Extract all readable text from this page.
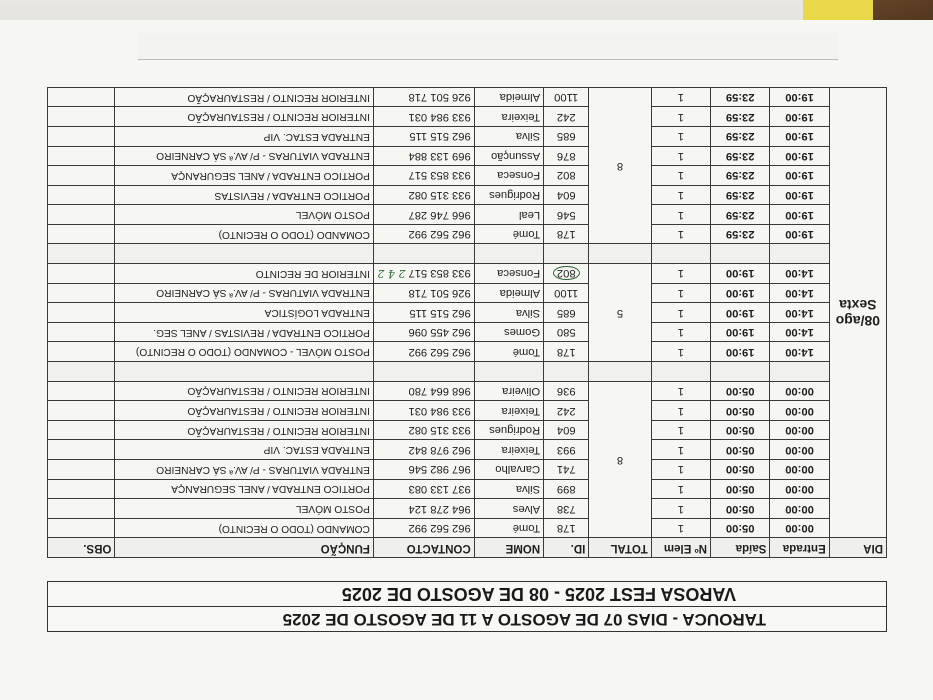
TAROUCA - DIAS 07 DE AGOSTO A 11 DE AGOSTO DE 2025
VAROSA FEST 2025 - 08 DE AGOSTO DE 2025
DIA	Entrada	Saída	Nº Elem	TOTAL	ID.	NOME	CONTACTO	FUNÇÃO	OBS.

08/ago
Sexta	00:00	05:00	1	8	178	Tomé	962 562 992	COMANDO (TODO O RECINTO)	
	00:00	05:00	1		738	Alves	964 278 124	POSTO MÓVEL	
	00:00	05:00	1		899	Silva	937 133 083	PORTICO ENTRADA / ANEL SEGURANÇA	
	00:00	05:00	1		741	Carvalho	967 982 546	ENTRADA VIATURAS - P/ AV.ª SÁ CARNEIRO	
	00:00	05:00	1		993	Teixeira	962 978 842	ENTRADA ESTAC. VIP	
	00:00	05:00	1		604	Rodrigues	933 315 082	INTERIOR RECINTO / RESTAURAÇÃO	
	00:00	05:00	1		242	Teixeira	933 984 031	INTERIOR RECINTO / RESTAURAÇÃO	
	00:00	05:00	1		936	Oliveira	968 664 780	INTERIOR RECINTO / RESTAURAÇÃO	

	14:00	19:00	1	5	178	Tomé	962 562 992	POSTO MÓVEL - COMANDO (TODO O RECINTO)	
	14:00	19:00	1		580	Gomes	962 455 096	PORTICO ENTRADA / REVISTAS / ANEL SEG.	
	14:00	19:00	1		685	Silva	962 515 115	ENTRADA LOGÍSTICA	
	14:00	19:00	1		1100	Almeida	926 501 718	ENTRADA VIATURAS - P/ AV.ª SÁ CARNEIRO	
	14:00	19:00	1		802	Fonseca	933 853 517 2 4 2	INTERIOR DE RECINTO	

	19:00	23:59	1	8	178	Tomé	962 562 992	COMANDO (TODO O RECINTO)	
	19:00	23:59	1		546	Leal	966 746 287	POSTO MÓVEL	
	19:00	23:59	1		604	Rodrigues	933 315 082	PORTICO ENTRADA / REVISTAS	
	19:00	23:59	1		802	Fonseca	933 853 517	PORTICO ENTRADA / ANEL SEGURANÇA	
	19:00	23:59	1		876	Assunção	969 133 884	ENTRADA VIATURAS - P/ AV.ª SÁ CARNEIRO	
	19:00	23:59	1		685	Silva	962 515 115	ENTRADA ESTAC. VIP	
	19:00	23:59	1		242	Teixeira	933 984 031	INTERIOR RECINTO / RESTAURAÇÃO	
	19:00	23:59	1		1100	Almeida	926 501 718	INTERIOR RECINTO / RESTAURAÇÃO	
